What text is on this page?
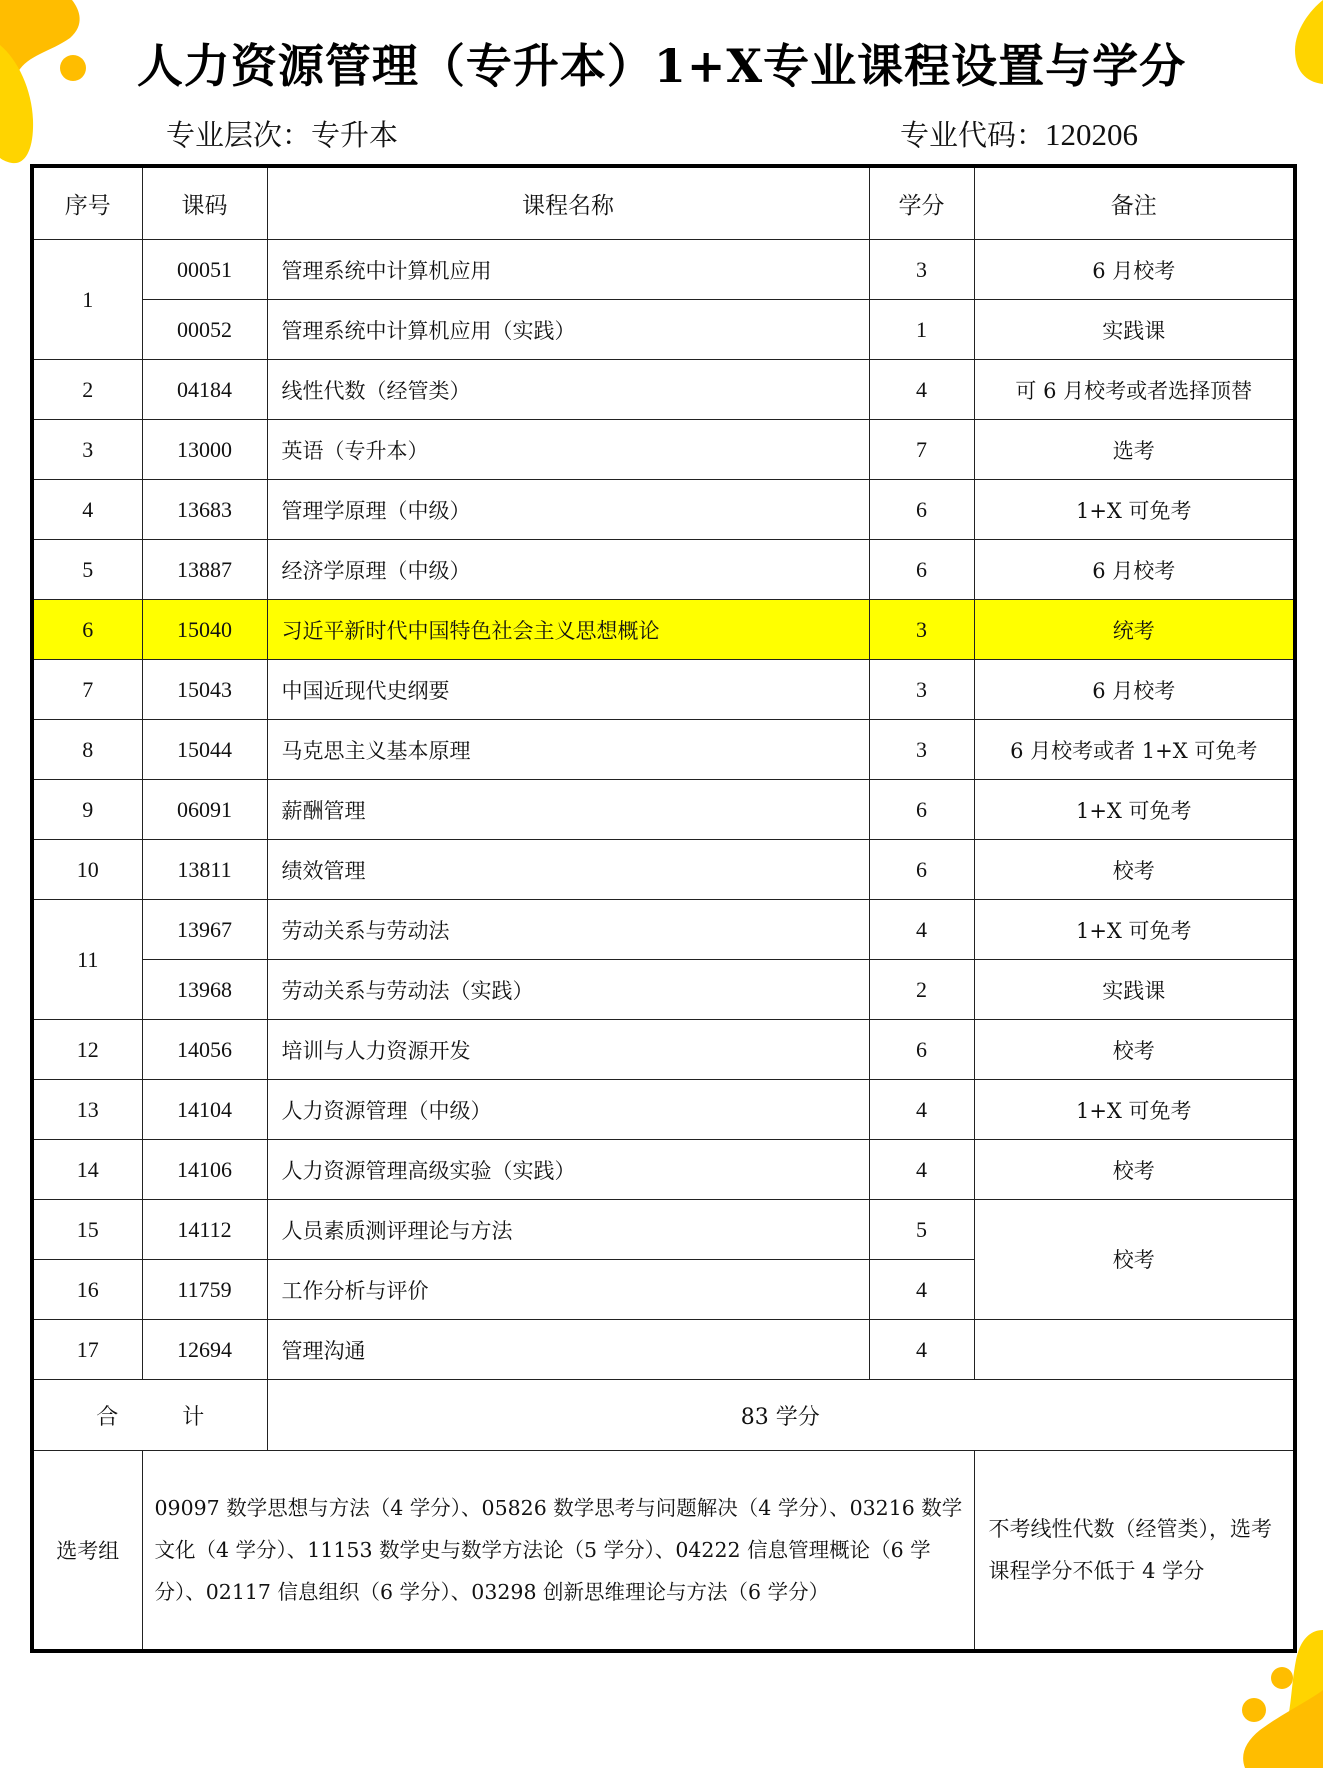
人力资源管理（专升本）1+X专业课程设置与学分
专业层次：专升本	专业代码：120206
序号	课码	课程名称	学分	备注
1	00051	管理系统中计算机应用	3	6 月校考
	00052	管理系统中计算机应用（实践）	1	实践课
2	04184	线性代数（经管类）	4	可 6 月校考或者选择顶替
3	13000	英语（专升本）	7	选考
4	13683	管理学原理（中级）	6	1+X 可免考
5	13887	经济学原理（中级）	6	6 月校考
6	15040	习近平新时代中国特色社会主义思想概论	3	统考
7	15043	中国近现代史纲要	3	6 月校考
8	15044	马克思主义基本原理	3	6 月校考或者 1+X 可免考
9	06091	薪酬管理	6	1+X 可免考
10	13811	绩效管理	6	校考
11	13967	劳动关系与劳动法	4	1+X 可免考
	13968	劳动关系与劳动法（实践）	2	实践课
12	14056	培训与人力资源开发	6	校考
13	14104	人力资源管理（中级）	4	1+X 可免考
14	14106	人力资源管理高级实验（实践）	4	校考
15	14112	人员素质测评理论与方法	5	校考
16	11759	工作分析与评价	4	
17	12694	管理沟通	4	
合 计		83 学分		
选考组	09097 数学思想与方法（4 学分）、05826 数学思考与问题解决（4 学分）、03216 数学文化（4 学分）、11153 数学史与数学方法论（5 学分）、04222 信息管理概论（6 学分）、02117 信息组织（6 学分）、03298 创新思维理论与方法（6 学分）			不考线性代数（经管类），选考课程学分不低于 4 学分
